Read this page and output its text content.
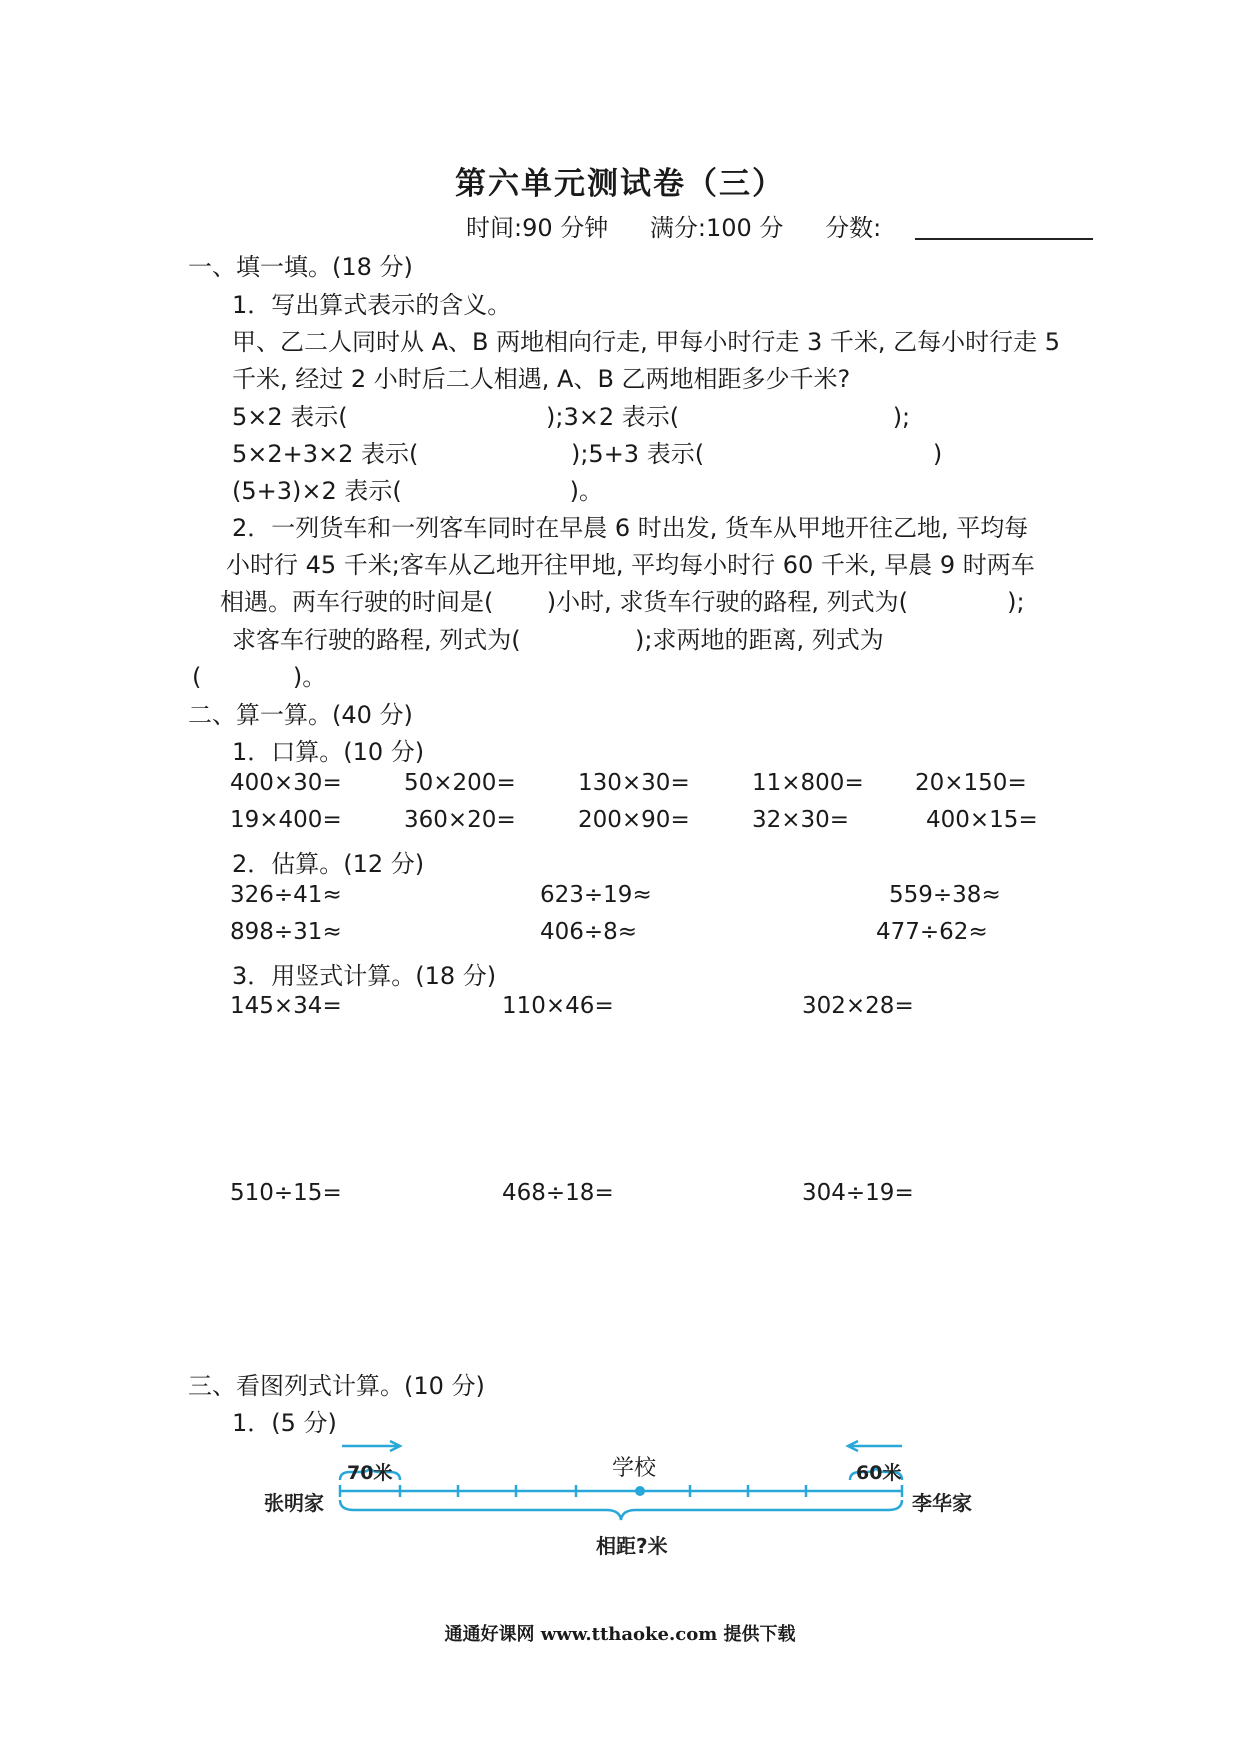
第六单元测试卷（三）
时间:90 分钟 满分:100 分 分数:
一、填一填。(18 分)
1．写出算式表示的含义。
甲、乙二人同时从 A、B 两地相向行走, 甲每小时行走 3 千米, 乙每小时行走 5
千米, 经过 2 小时后二人相遇, A、B 乙两地相距多少千米?
5×2 表示(                          );3×2 表示(                            );
5×2+3×2 表示(                    );5+3 表示(                              )
(5+3)×2 表示(                      )。
2．一列货车和一列客车同时在早晨 6 时出发, 货车从甲地开往乙地, 平均每
小时行 45 千米;客车从乙地开往甲地, 平均每小时行 60 千米, 早晨 9 时两车
相遇。两车行驶的时间是(       )小时, 求货车行驶的路程, 列式为(             );
求客车行驶的路程, 列式为(               );求两地的距离, 列式为
(            )。
二、算一算。(40 分)
1．口算。(10 分)
400×30=	50×200=	130×30=	11×800= 20×150=
19×400=	360×20=	200×90=	32×30=	400×15=
2．估算。(12 分)
326÷41≈	623÷19≈	559÷38≈
898÷31≈	406÷8≈	477÷62≈
3．用竖式计算。(18 分)
145×34=	110×46=	302×28=
510÷15=	468÷18=	304÷19=
三、看图列式计算。(10 分)
1．(5 分)
70米	60米
学校
张明家	李华家
相距?米
通通好课网 www.tthaoke.com 提供下载
